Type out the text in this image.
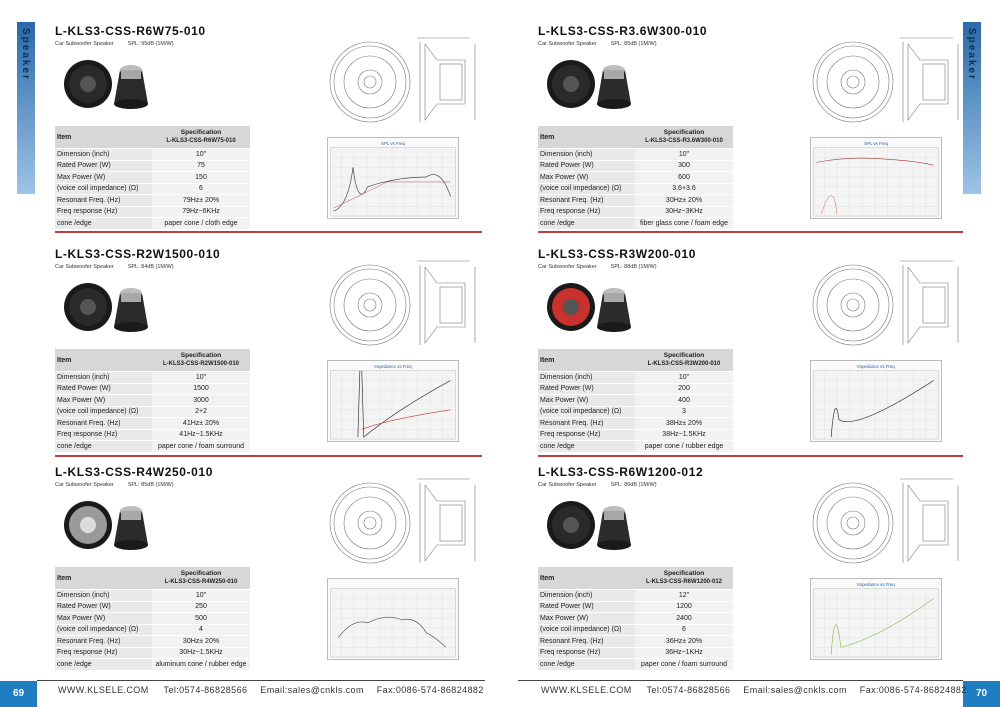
Speaker	Speaker
L-KLS3-CSS-R6W75-010
Car Subwoofer Speaker	SPL: 95dB (1M/W)
Item	Specification
L-KLS3-CSS-R6W75-010

Dimension (inch)	10"
Rated Power (W)	75
Max Power (W)	150
(voice coil impedance) (Ω)	6
Resonant Freq. (Hz)	79Hz± 20%
Freq response (Hz)	79Hz~6KHz
cone /edge	paper cone / cloth edge
SPL vs Freq
L-KLS3-CSS-R3.6W300-010
Car Subwoofer Speaker	SPL: 85dB (1M/W)
Item	Specification
L-KLS3-CSS-R3.6W300-010

Dimension (inch)	10"
Rated Power (W)	300
Max Power (W)	600
(voice coil impedance) (Ω)	3.6+3.6
Resonant Freq. (Hz)	30Hz± 20%
Freq response (Hz)	30Hz~3KHz
cone /edge	fiber glass cone / foam edge
SPL vs Freq
L-KLS3-CSS-R2W1500-010
Car Subwoofer Speaker	SPL: 84dB (1M/W)
Item	Specification
L-KLS3-CSS-R2W1500-010

Dimension (inch)	10"
Rated Power (W)	1500
Max Power (W)	3000
(voice coil impedance) (Ω)	2+2
Resonant Freq. (Hz)	41Hz± 20%
Freq response (Hz)	41Hz~1.5KHz
cone /edge	paper cone / foam surround
Impedance vs Freq
L-KLS3-CSS-R3W200-010
Car Subwoofer Speaker	SPL: 88dB (1M/W)
Item	Specification
L-KLS3-CSS-R3W200-010

Dimension (inch)	10"
Rated Power (W)	200
Max Power (W)	400
(voice coil impedance) (Ω)	3
Resonant Freq. (Hz)	38Hz± 20%
Freq response (Hz)	38Hz~1.5KHz
cone /edge	paper cone / rubber edge
Impedance vs Freq
L-KLS3-CSS-R4W250-010
Car Subwoofer Speaker	SPL: 85dB (1M/W)
Item	Specification
L-KLS3-CSS-R4W250-010

Dimension (inch)	10"
Rated Power (W)	250
Max Power (W)	500
(voice coil impedance) (Ω)	4
Resonant Freq. (Hz)	30Hz± 20%
Freq response (Hz)	30Hz~1.5KHz
cone /edge	aluminum cone / rubber edge
L-KLS3-CSS-R6W1200-012
Car Subwoofer Speaker	SPL: 86dB (1M/W)
Item	Specification
L-KLS3-CSS-R6W1200-012

Dimension (inch)	12"
Rated Power (W)	1200
Max Power (W)	2400
(voice coil impedance) (Ω)	6
Resonant Freq. (Hz)	36Hz± 20%
Freq response (Hz)	36Hz~1KHz
cone /edge	paper cone / foam surround
Impedance vs Freq
69	70
WWW.KLSELE.COM Tel:0574-86828566 Email:sales@cnkls.com Fax:0086-574-86824882	WWW.KLSELE.COM Tel:0574-86828566 Email:sales@cnkls.com Fax:0086-574-86824882
